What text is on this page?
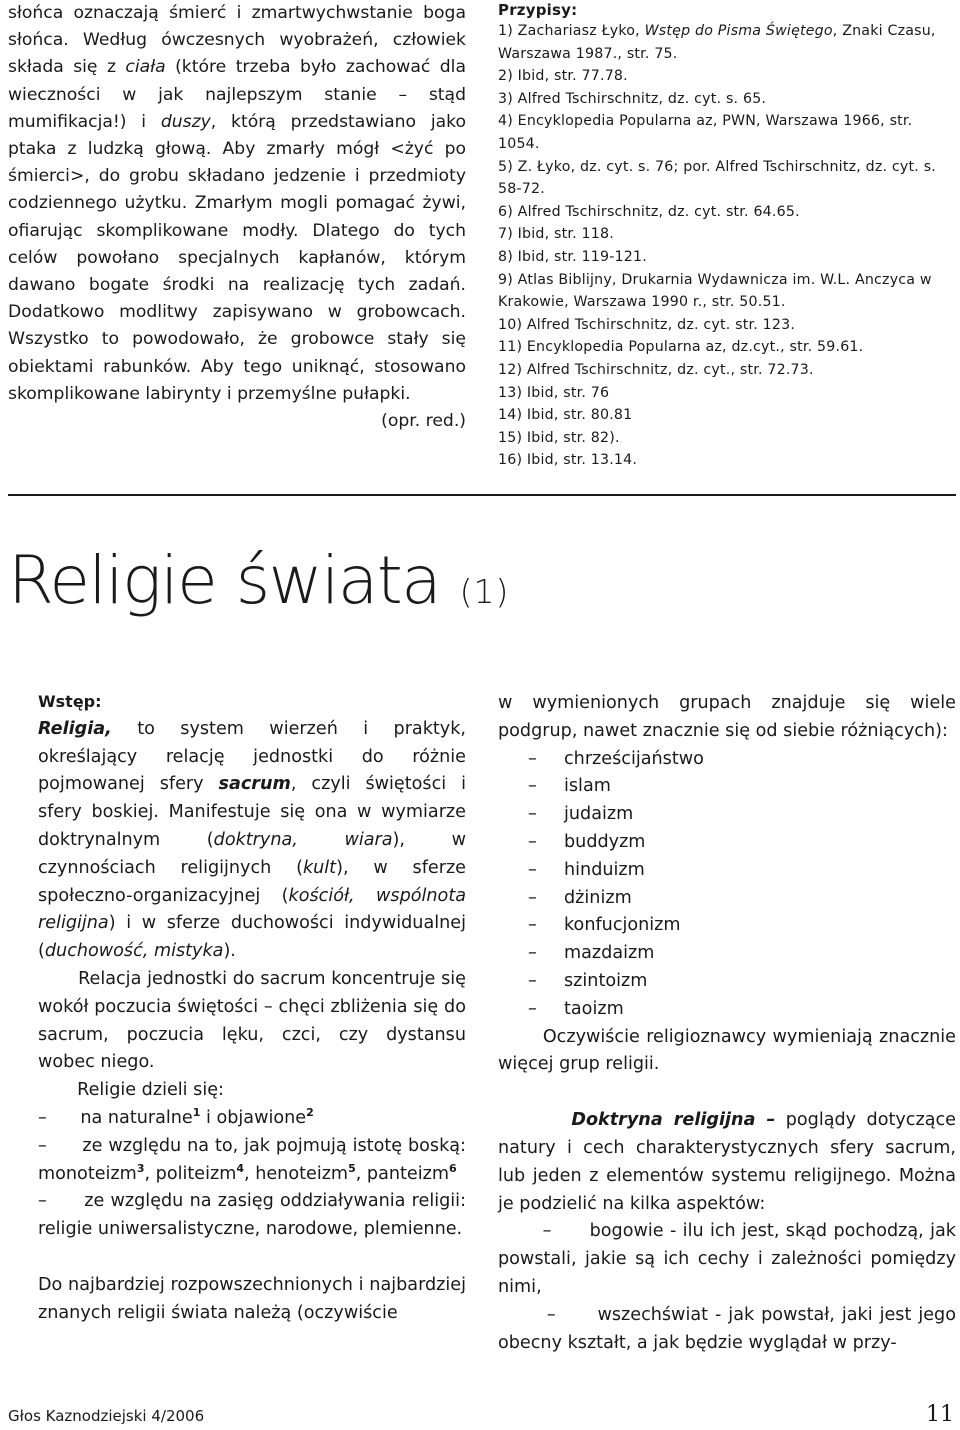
słońca oznaczają śmierć i zmartwychwstanie boga słońca. Według ówczesnych wyobrażeń, człowiek składa się z ciała (które trzeba było zachować dla wieczności w jak najlepszym stanie – stąd mumifikacja!) i duszy, którą przedstawiano jako ptaka z ludzką głową. Aby zmarły mógł <żyć po śmierci>, do grobu składano jedzenie i przedmioty codziennego użytku. Zmarłym mogli pomagać żywi, ofiarując skomplikowane modły. Dlatego do tych celów powołano specjalnych kapłanów, którym dawano bogate środki na realizację tych zadań. Dodatkowo modlitwy zapisywano w grobowcach. Wszystko to powodowało, że grobowce stały się obiektami rabunków. Aby tego uniknąć, stosowano skomplikowane labirynty i przemyślne pułapki.

(opr. red.)

Przypisy:
1) Zachariasz Łyko, Wstęp do Pisma Świętego, Znaki Czasu, Warszawa 1987., str. 75.
2) Ibid, str. 77.78.
3) Alfred Tschirschnitz, dz. cyt. s. 65.
4) Encyklopedia Popularna az, PWN, Warszawa 1966, str. 1054.
5) Z. Łyko, dz. cyt. s. 76; por. Alfred Tschirschnitz, dz. cyt. s. 58-72.
6) Alfred Tschirschnitz, dz. cyt. str. 64.65.
7) Ibid, str. 118.
8) Ibid, str. 119-121.
9) Atlas Biblijny, Drukarnia Wydawnicza im. W.L. Anczyca w Krakowie, Warszawa 1990 r., str. 50.51.
10) Alfred Tschirschnitz, dz. cyt. str. 123.
11) Encyklopedia Popularna az, dz.cyt., str. 59.61.
12) Alfred Tschirschnitz, dz. cyt., str. 72.73.
13) Ibid, str. 76
14) Ibid, str. 80.81
15) Ibid, str. 82).
16) Ibid, str. 13.14.
Religie świata (1)

Wstęp:

Religia, to system wierzeń i praktyk, określający relację jednostki do różnie pojmowanej sfery sacrum, czyli świętości i sfery boskiej. Manifestuje się ona w wymiarze doktrynalnym (doktryna, wiara), w czynnościach religijnych (kult), w sferze społeczno-organizacyjnej (kościół, wspólnota religijna) i w sferze duchowości indywidualnej (duchowość, mistyka).

Relacja jednostki do sacrum koncentruje się wokół poczucia świętości – chęci zbliżenia się do sacrum, poczucia lęku, czci, czy dystansu wobec niego.

Religie dzieli się:

– na naturalne$^1$ i objawione$^2$

– ze względu na to, jak pojmują istotę boską: monoteizm$^3$, politeizm$^4$, henoteizm$^5$, panteizm$^6$

– ze względu na zasięg oddziaływania religii: religie uniwersalistyczne, narodowe, plemienne.

Do najbardziej rozpowszechnionych i najbardziej znanych religii świata należą (oczywiście

w wymienionych grupach znajduje się wiele podgrup, nawet znacznie się od siebie różniących):

–	chrześcijaństwo
–	islam
–	judaizm
–	buddyzm
–	hinduizm
–	dżinizm
–	konfucjonizm
–	mazdaizm
–	szintoizm
–	taoizm

Oczywiście religioznawcy wymieniają znacznie więcej grup religii.

Doktryna religijna – poglądy dotyczące natury i cech charakterystycznych sfery sacrum, lub jeden z elementów systemu religijnego. Można je podzielić na kilka aspektów:

– bogowie - ilu ich jest, skąd pochodzą, jak powstali, jakie są ich cechy i zależności pomiędzy nimi,

– wszechświat - jak powstał, jaki jest jego obecny kształt, a jak będzie wyglądał w przy-

Głos Kaznodziejski 4/2006	11
